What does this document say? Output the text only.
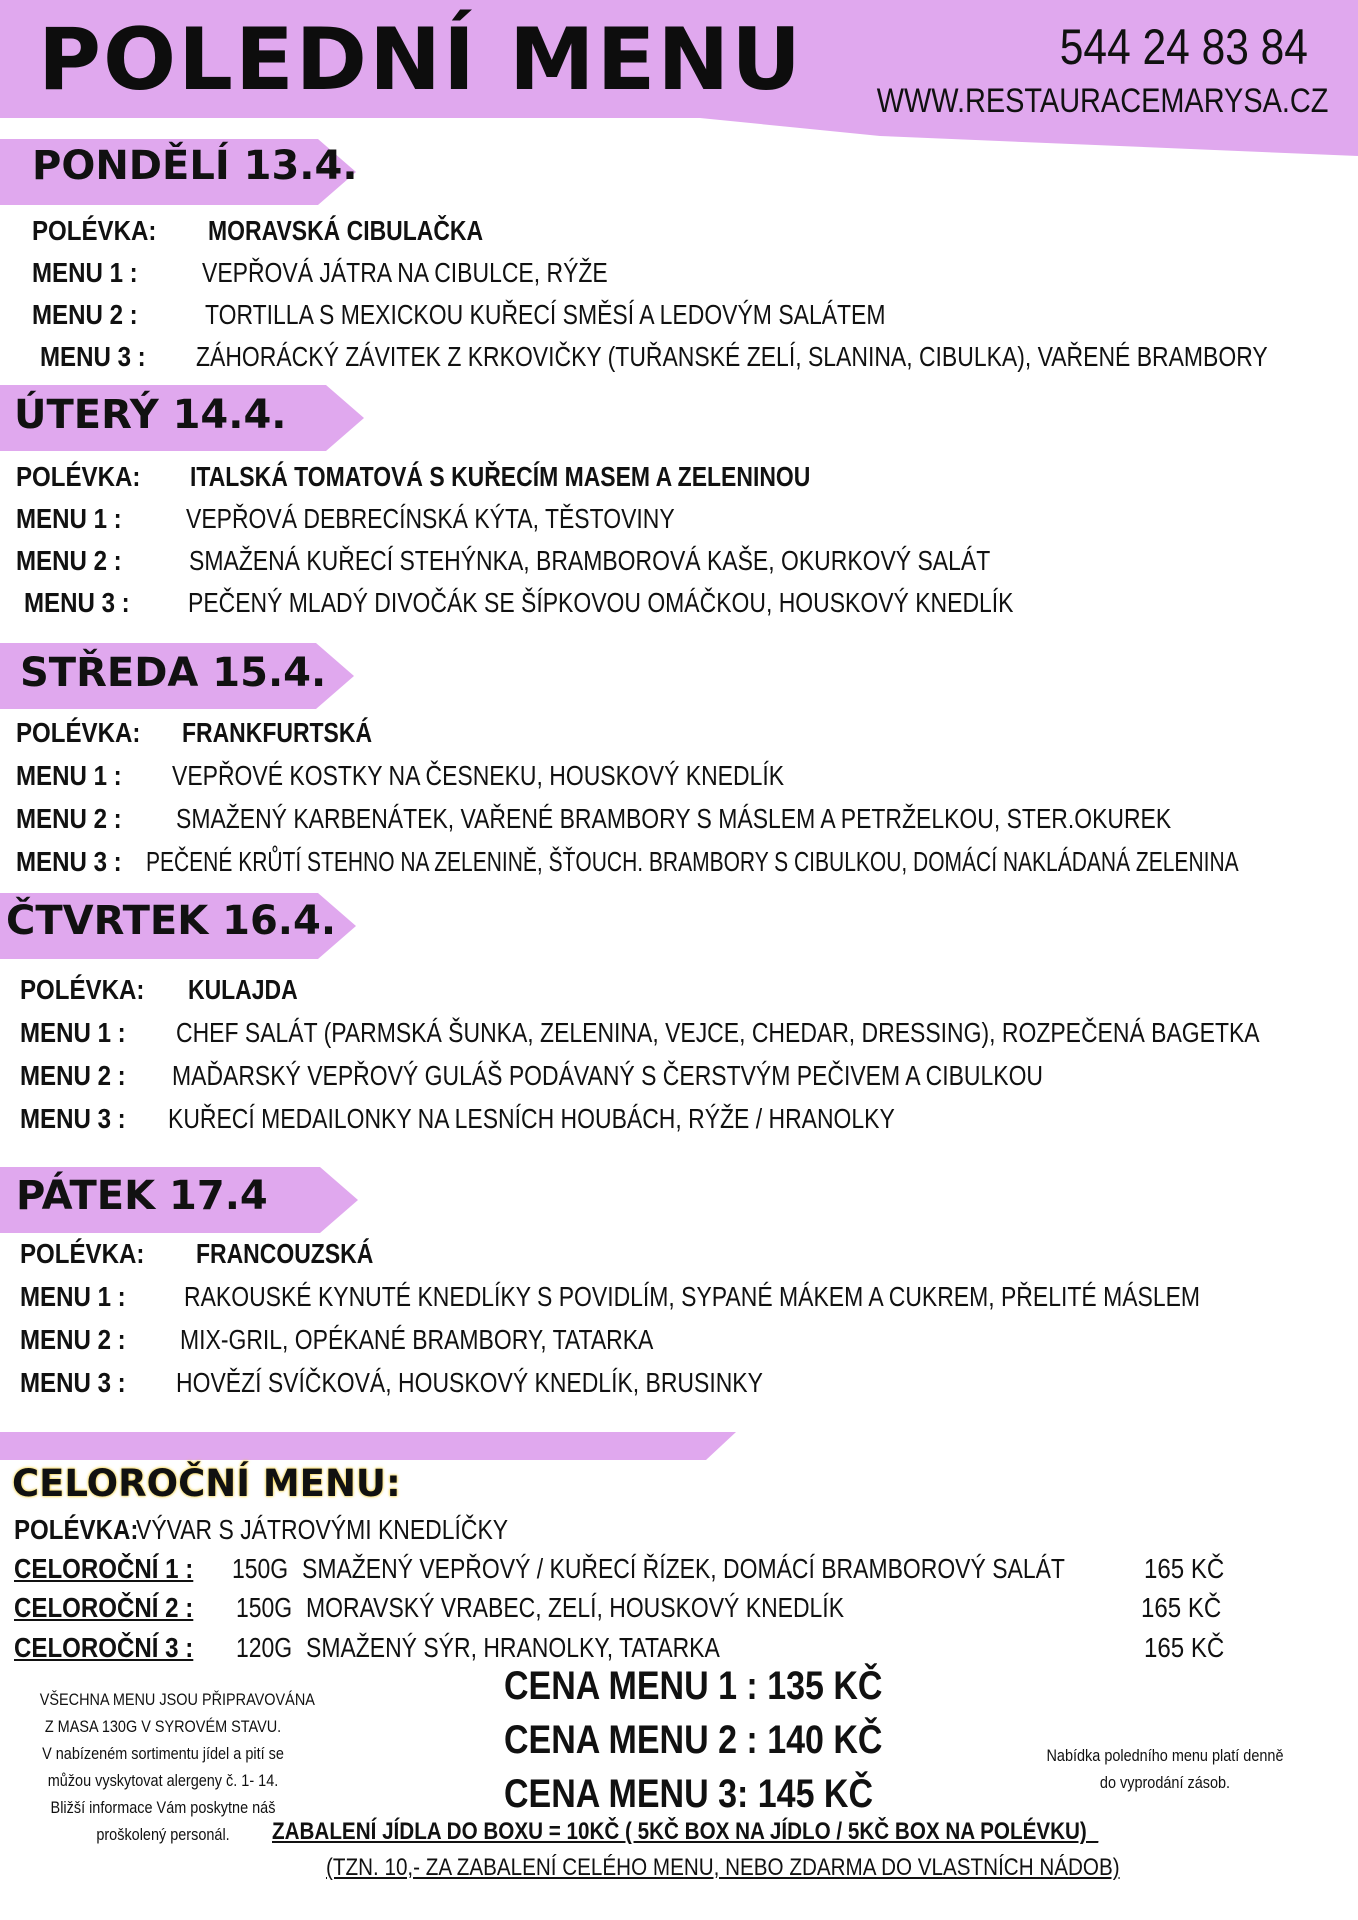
POLEDNÍ MENU	544 24 83 84
WWW.RESTAURACEMARYSA.CZ
PONDĚLÍ 13.4.
POLÉVKA: MORAVSKÁ CIBULAČKA
MENU 1 : VEPŘOVÁ JÁTRA NA CIBULCE, RÝŽE
MENU 2 : TORTILLA S MEXICKOU KUŘECÍ SMĚSÍ A LEDOVÝM SALÁTEM
MENU 3 : ZÁHORÁCKÝ ZÁVITEK Z KRKOVIČKY (TUŘANSKÉ ZELÍ, SLANINA, CIBULKA), VAŘENÉ BRAMBORY
ÚTERÝ 14.4.
POLÉVKA: ITALSKÁ TOMATOVÁ S KUŘECÍM MASEM A ZELENINOU
MENU 1 : VEPŘOVÁ DEBRECÍNSKÁ KÝTA, TĚSTOVINY
MENU 2 : SMAŽENÁ KUŘECÍ STEHÝNKA, BRAMBOROVÁ KAŠE, OKURKOVÝ SALÁT
MENU 3 : PEČENÝ MLADÝ DIVOČÁK SE ŠÍPKOVOU OMÁČKOU, HOUSKOVÝ KNEDLÍK
STŘEDA 15.4.
POLÉVKA: FRANKFURTSKÁ
MENU 1 : VEPŘOVÉ KOSTKY NA ČESNEKU, HOUSKOVÝ KNEDLÍK
MENU 2 : SMAŽENÝ KARBENÁTEK, VAŘENÉ BRAMBORY S MÁSLEM A PETRŽELKOU, STER.OKUREK
MENU 3 : PEČENÉ KRŮTÍ STEHNO NA ZELENINĚ, ŠŤOUCH. BRAMBORY S CIBULKOU, DOMÁCÍ NAKLÁDANÁ ZELENINA
ČTVRTEK 16.4.
POLÉVKA: KULAJDA
MENU 1 : CHEF SALÁT (PARMSKÁ ŠUNKA, ZELENINA, VEJCE, CHEDAR, DRESSING), ROZPEČENÁ BAGETKA
MENU 2 : MAĎARSKÝ VEPŘOVÝ GULÁŠ PODÁVANÝ S ČERSTVÝM PEČIVEM A CIBULKOU
MENU 3 : KUŘECÍ MEDAILONKY NA LESNÍCH HOUBÁCH, RÝŽE / HRANOLKY
PÁTEK 17.4
POLÉVKA: FRANCOUZSKÁ
MENU 1 : RAKOUSKÉ KYNUTÉ KNEDLÍKY S POVIDLÍM, SYPANÉ MÁKEM A CUKREM, PŘELITÉ MÁSLEM
MENU 2 : MIX-GRIL, OPÉKANÉ BRAMBORY, TATARKA
MENU 3 : HOVĚZÍ SVÍČKOVÁ, HOUSKOVÝ KNEDLÍK, BRUSINKY
CELOROČNÍ MENU:
POLÉVKA:
VÝVAR S JÁTROVÝMI KNEDLÍČKY
CELOROČNÍ 1 : 150G SMAŽENÝ VEPŘOVÝ / KUŘECÍ ŘÍZEK, DOMÁCÍ BRAMBOROVÝ SALÁT	165 KČ
CELOROČNÍ 2 : 150G MORAVSKÝ VRABEC, ZELÍ, HOUSKOVÝ KNEDLÍK	165 KČ
CELOROČNÍ 3 : 120G SMAŽENÝ SÝR, HRANOLKY, TATARKA	165 KČ
CENA MENU 1 : 135 KČ
CENA MENU 2 : 140 KČ
CENA MENU 3: 145 KČ
VŠECHNA MENU JSOU PŘIPRAVOVÁNA
Z MASA 130G V SYROVÉM STAVU.
V nabízeném sortimentu jídel a pití se
můžou vyskytovat alergeny č. 1- 14.
Bližší informace Vám poskytne náš
proškolený personál.
Nabídka poledního menu platí denně
do vyprodání zásob.
ZABALENÍ JÍDLA DO BOXU = 10KČ ( 5KČ BOX NA JÍDLO / 5KČ BOX NA POLÉVKU)_
(TZN. 10,- ZA ZABALENÍ CELÉHO MENU, NEBO ZDARMA DO VLASTNÍCH NÁDOB)
